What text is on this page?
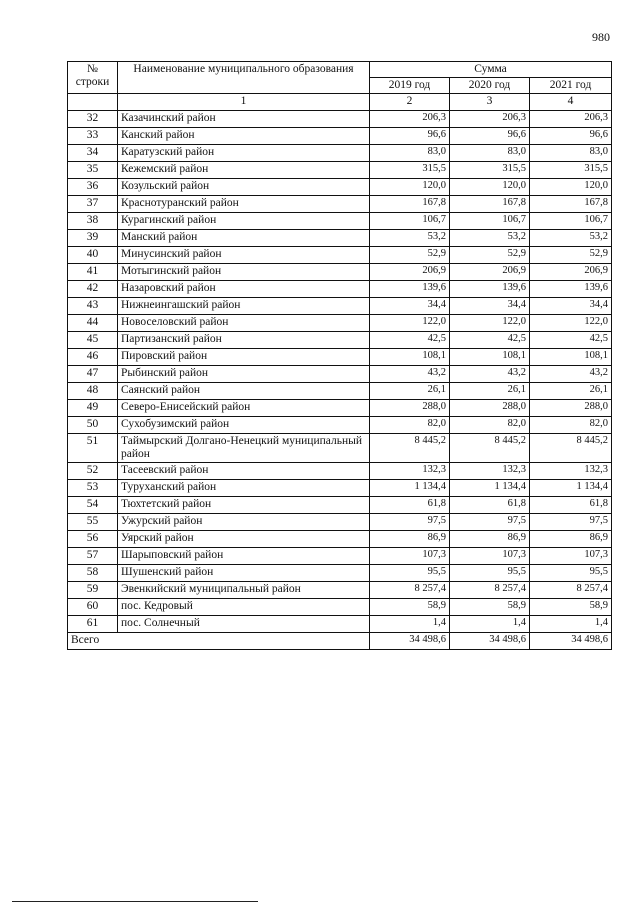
980
№ строки	Наименование муниципального образования	Сумма		
		2019 год	2020 год	2021 год
	1	2	3	4
32	Казачинский район	206,3	206,3	206,3
33	Канский район	96,6	96,6	96,6
34	Каратузский район	83,0	83,0	83,0
35	Кежемский район	315,5	315,5	315,5
36	Козульский район	120,0	120,0	120,0
37	Краснотуранский район	167,8	167,8	167,8
38	Курагинский район	106,7	106,7	106,7
39	Манский район	53,2	53,2	53,2
40	Минусинский район	52,9	52,9	52,9
41	Мотыгинский район	206,9	206,9	206,9
42	Назаровский район	139,6	139,6	139,6
43	Нижнеингашский район	34,4	34,4	34,4
44	Новоселовский район	122,0	122,0	122,0
45	Партизанский район	42,5	42,5	42,5
46	Пировский район	108,1	108,1	108,1
47	Рыбинский район	43,2	43,2	43,2
48	Саянский район	26,1	26,1	26,1
49	Северо-Енисейский район	288,0	288,0	288,0
50	Сухобузимский район	82,0	82,0	82,0
51	Таймырский Долгано-Ненецкий муниципальный район	8 445,2	8 445,2	8 445,2
52	Тасеевский район	132,3	132,3	132,3
53	Туруханский район	1 134,4	1 134,4	1 134,4
54	Тюхтетский район	61,8	61,8	61,8
55	Ужурский район	97,5	97,5	97,5
56	Уярский район	86,9	86,9	86,9
57	Шарыповский район	107,3	107,3	107,3
58	Шушенский район	95,5	95,5	95,5
59	Эвенкийский муниципальный район	8 257,4	8 257,4	8 257,4
60	пос. Кедровый	58,9	58,9	58,9
61	пос. Солнечный	1,4	1,4	1,4
Всего		34 498,6	34 498,6	34 498,6
